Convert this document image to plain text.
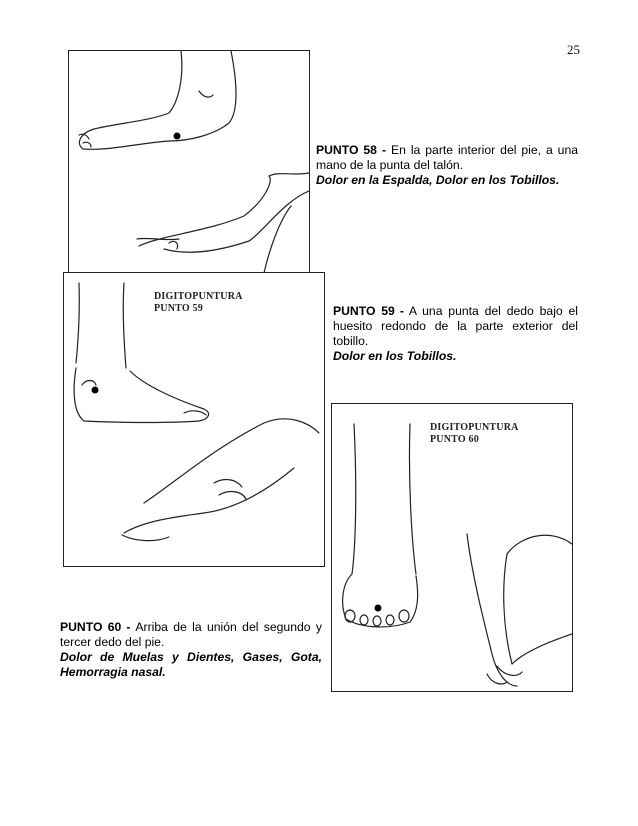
25
PUNTO 58 - En la parte interior del pie, a una mano de la punta del talón.
Dolor en la Espalda, Dolor en los Tobillos.
DIGITOPUNTURA
PUNTO 59	PUNTO 59 - A una punta del dedo bajo el huesito redondo de la parte exterior del tobillo.
Dolor en los Tobillos.
DIGITOPUNTURA
PUNTO 60
PUNTO 60 - Arriba de la unión del segundo y tercer dedo del pie.
Dolor de Muelas y Dientes, Gases, Gota, Hemorragia nasal.
